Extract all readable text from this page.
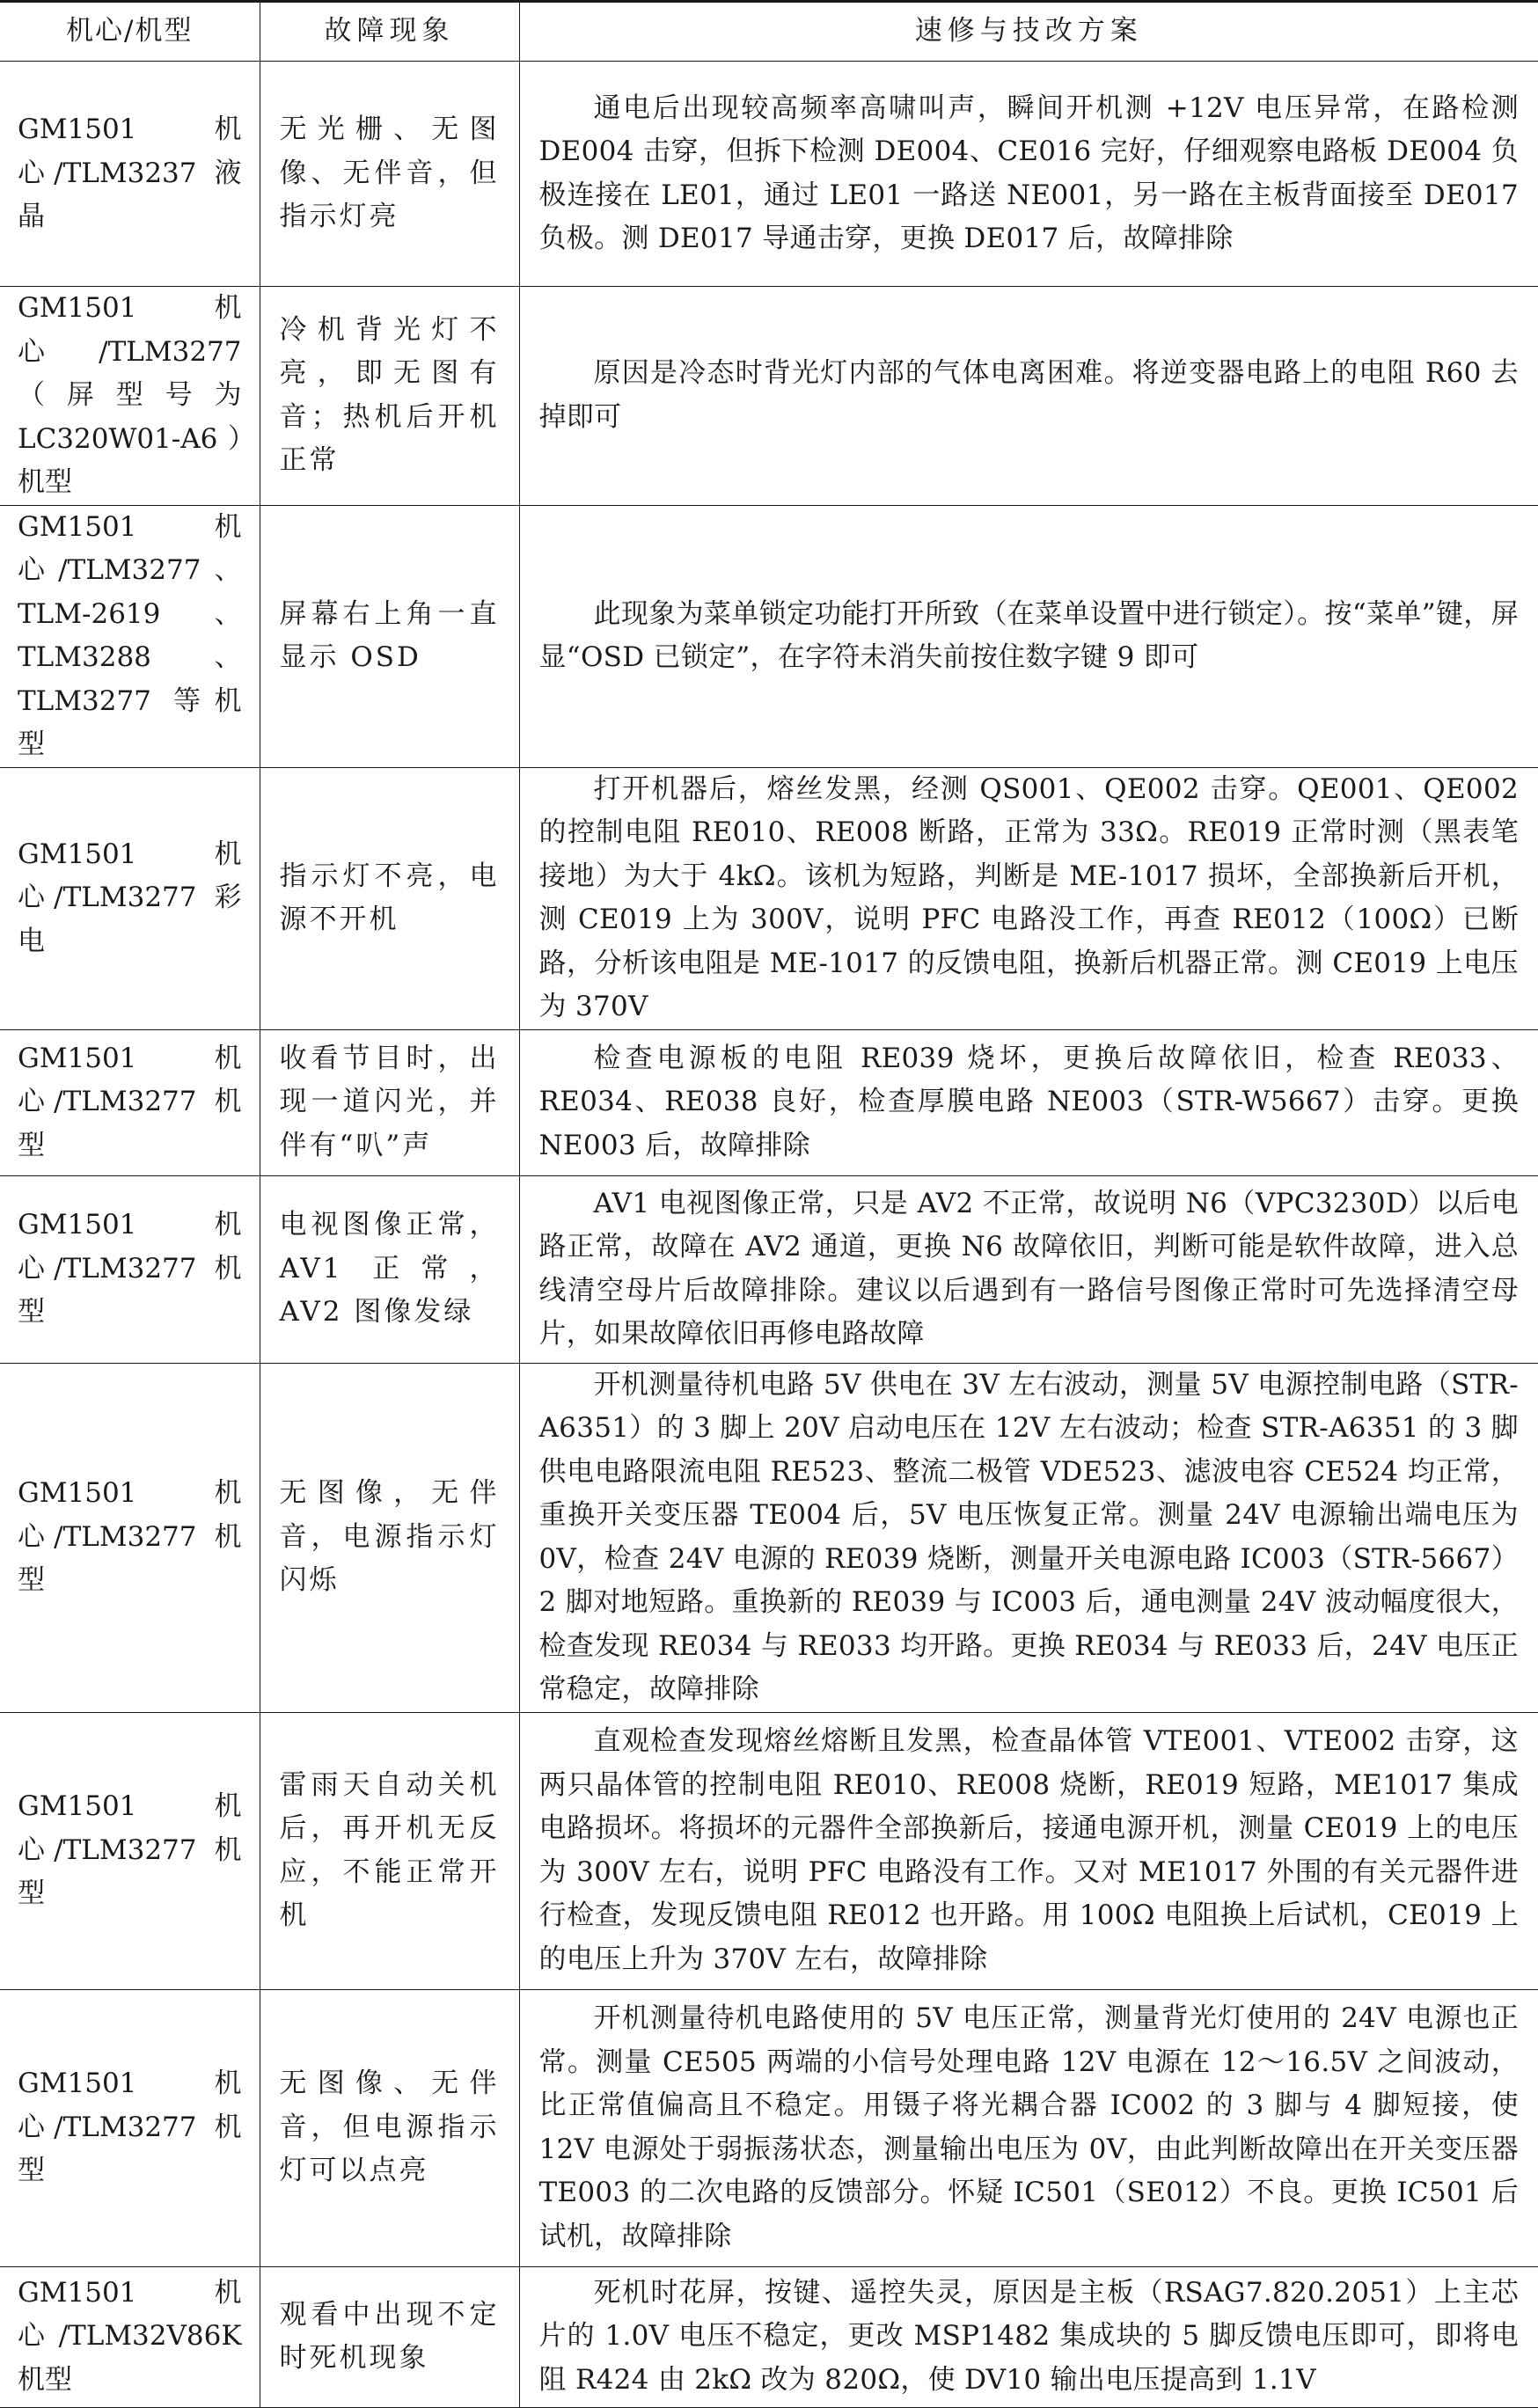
机心/机型	故障现象	速修与技改方案
GM1501 机心/TLM3237 液晶	无光栅、无图像、无伴音，但指示灯亮	通电后出现较高频率高啸叫声，瞬间开机测 +12V 电压异常，在路检测 DE004 击穿，但拆下检测 DE004、CE016 完好，仔细观察电路板 DE004 负极连接在 LE01，通过 LE01 一路送 NE001，另一路在主板背面接至 DE017 负极。测 DE017 导通击穿，更换 DE017 后，故障排除
GM1501 机心/TLM3277（屏型号为 LC320W01-A6）机型	冷机背光灯不亮，即无图有音；热机后开机正常	原因是冷态时背光灯内部的气体电离困难。将逆变器电路上的电阻 R60 去掉即可
GM1501 机心/TLM3277、TLM-2619、TLM3288、TLM3277 等机型	屏幕右上角一直显示 OSD	此现象为菜单锁定功能打开所致（在菜单设置中进行锁定）。按“菜单”键，屏显“OSD 已锁定”，在字符未消失前按住数字键 9 即可
GM1501 机心/TLM3277 彩电	指示灯不亮，电源不开机	打开机器后，熔丝发黑，经测 QS001、QE002 击穿。QE001、QE002 的控制电阻 RE010、RE008 断路，正常为 33Ω。RE019 正常时测（黑表笔接地）为大于 4kΩ。该机为短路，判断是 ME-1017 损坏，全部换新后开机，测 CE019 上为 300V，说明 PFC 电路没工作，再查 RE012（100Ω）已断路，分析该电阻是 ME-1017 的反馈电阻，换新后机器正常。测 CE019 上电压为 370V
GM1501 机心/TLM3277 机型	收看节目时，出现一道闪光，并伴有“叭”声	检查电源板的电阻 RE039 烧坏，更换后故障依旧，检查 RE033、RE034、RE038 良好，检查厚膜电路 NE003（STR-W5667）击穿。更换 NE003 后，故障排除
GM1501 机心/TLM3277 机型	电视图像正常，AV1 正常，AV2 图像发绿	AV1 电视图像正常，只是 AV2 不正常，故说明 N6（VPC3230D）以后电路正常，故障在 AV2 通道，更换 N6 故障依旧，判断可能是软件故障，进入总线清空母片后故障排除。建议以后遇到有一路信号图像正常时可先选择清空母片，如果故障依旧再修电路故障
GM1501 机心/TLM3277 机型	无图像，无伴音，电源指示灯闪烁	开机测量待机电路 5V 供电在 3V 左右波动，测量 5V 电源控制电路（STR-A6351）的 3 脚上 20V 启动电压在 12V 左右波动；检查 STR-A6351 的 3 脚供电电路限流电阻 RE523、整流二极管 VDE523、滤波电容 CE524 均正常，重换开关变压器 TE004 后，5V 电压恢复正常。测量 24V 电源输出端电压为 0V，检查 24V 电源的 RE039 烧断，测量开关电源电路 IC003（STR-5667）2 脚对地短路。重换新的 RE039 与 IC003 后，通电测量 24V 波动幅度很大，检查发现 RE034 与 RE033 均开路。更换 RE034 与 RE033 后，24V 电压正常稳定，故障排除
GM1501 机心/TLM3277 机型	雷雨天自动关机后，再开机无反应，不能正常开机	直观检查发现熔丝熔断且发黑，检查晶体管 VTE001、VTE002 击穿，这两只晶体管的控制电阻 RE010、RE008 烧断，RE019 短路，ME1017 集成电路损坏。将损坏的元器件全部换新后，接通电源开机，测量 CE019 上的电压为 300V 左右，说明 PFC 电路没有工作。又对 ME1017 外围的有关元器件进行检查，发现反馈电阻 RE012 也开路。用 100Ω 电阻换上后试机，CE019 上的电压上升为 370V 左右，故障排除
GM1501 机心/TLM3277 机型	无图像、无伴音，但电源指示灯可以点亮	开机测量待机电路使用的 5V 电压正常，测量背光灯使用的 24V 电源也正常。测量 CE505 两端的小信号处理电路 12V 电源在 12～16.5V 之间波动，比正常值偏高且不稳定。用镊子将光耦合器 IC002 的 3 脚与 4 脚短接，使 12V 电源处于弱振荡状态，测量输出电压为 0V，由此判断故障出在开关变压器 TE003 的二次电路的反馈部分。怀疑 IC501（SE012）不良。更换 IC501 后试机，故障排除
GM1501 机心/TLM32V86K 机型	观看中出现不定时死机现象	死机时花屏，按键、遥控失灵，原因是主板（RSAG7.820.2051）上主芯片的 1.0V 电压不稳定，更改 MSP1482 集成块的 5 脚反馈电压即可，即将电阻 R424 由 2kΩ 改为 820Ω，使 DV10 输出电压提高到 1.1V
